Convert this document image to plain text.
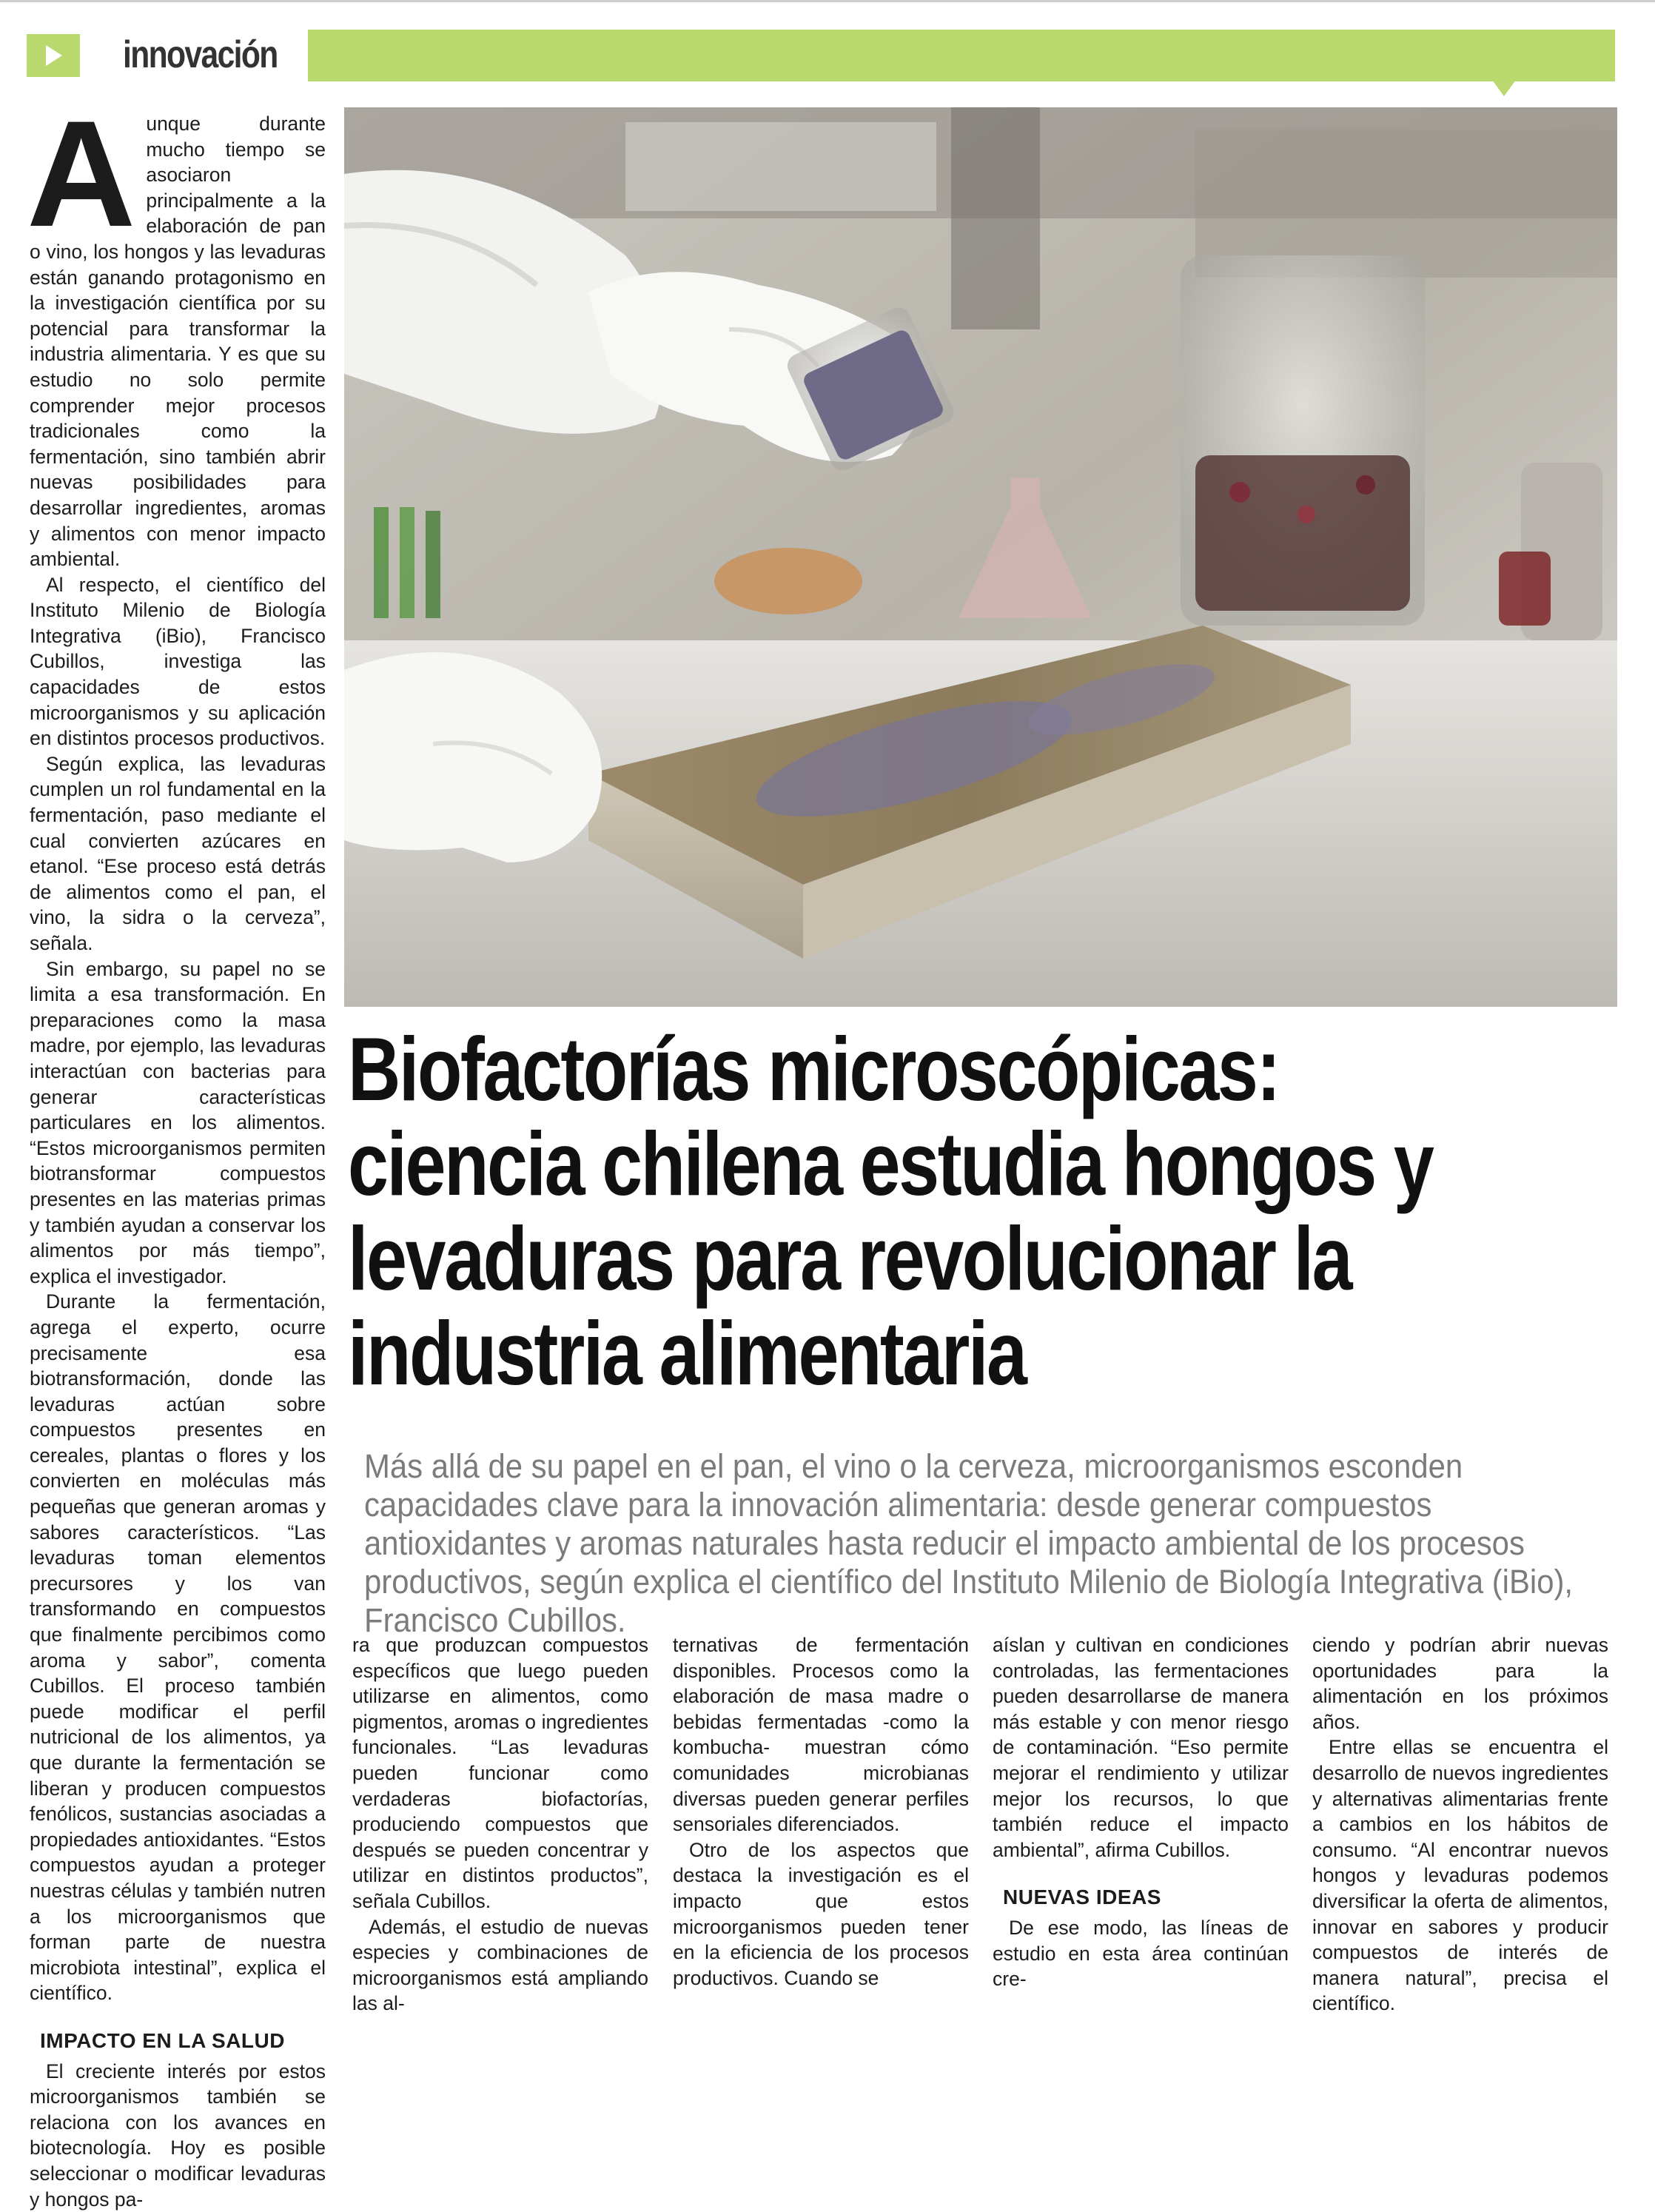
innovación

Aunque durante mucho tiempo se asociaron principalmente a la elaboración de pan o vino, los hongos y las levaduras están ganando protagonismo en la investigación científica por su potencial para transformar la industria alimentaria. Y es que su estudio no solo permite comprender mejor procesos tradicionales como la fermentación, sino también abrir nuevas posibilidades para desarrollar ingredientes, aromas y alimentos con menor impacto ambiental.

Al respecto, el científico del Instituto Milenio de Biología Integrativa (iBio), Francisco Cubillos, investiga las capacidades de estos microorganismos y su aplicación en distintos procesos productivos.

Según explica, las levaduras cumplen un rol fundamental en la fermentación, paso mediante el cual convierten azúcares en etanol. “Ese proceso está detrás de alimentos como el pan, el vino, la sidra o la cerveza”, señala.

Sin embargo, su papel no se limita a esa transformación. En preparaciones como la masa madre, por ejemplo, las levaduras interactúan con bacterias para generar características particulares en los alimentos. “Estos microorganismos permiten biotransformar compuestos presentes en las materias primas y también ayudan a conservar los alimentos por más tiempo”, explica el investigador.

Durante la fermentación, agrega el experto, ocurre precisamente esa biotransformación, donde las levaduras actúan sobre compuestos presentes en cereales, plantas o flores y los convierten en moléculas más pequeñas que generan aromas y sabores característicos. “Las levaduras toman elementos precursores y los van transformando en compuestos que finalmente percibimos como aroma y sabor”, comenta Cubillos. El proceso también puede modificar el perfil nutricional de los alimentos, ya que durante la fermentación se liberan y producen compuestos fenólicos, sustancias asociadas a propiedades antioxidantes. “Estos compuestos ayudan a proteger nuestras células y también nutren a los microorganismos que forman parte de nuestra microbiota intestinal”, explica el científico.

IMPACTO EN LA SALUD

El creciente interés por estos microorganismos también se relaciona con los avances en biotecnología. Hoy es posible seleccionar o modificar levaduras y hongos pa-

Biofactorías microscópicas:
ciencia chilena estudia hongos y
levaduras para revolucionar la
industria alimentaria
Más allá de su papel en el pan, el vino o la cerveza, microorganismos esconden capacidades clave para la innovación alimentaria: desde generar compuestos antioxidantes y aromas naturales hasta reducir el impacto ambiental de los procesos productivos, según explica el científico del Instituto Milenio de Biología Integrativa (iBio), Francisco Cubillos.

ra que produzcan compuestos específicos que luego pueden utilizarse en alimentos, como pigmentos, aromas o ingredientes funcionales. “Las levaduras pueden funcionar como verdaderas biofactorías, produciendo compuestos que después se pueden concentrar y utilizar en distintos productos”, señala Cubillos.

Además, el estudio de nuevas especies y combinaciones de microorganismos está ampliando las al-

ternativas de fermentación disponibles. Procesos como la elaboración de masa madre o bebidas fermentadas -como la kombucha- muestran cómo comunidades microbianas diversas pueden generar perfiles sensoriales diferenciados.

Otro de los aspectos que destaca la investigación es el impacto que estos microorganismos pueden tener en la eficiencia de los procesos productivos. Cuando se

aíslan y cultivan en condiciones controladas, las fermentaciones pueden desarrollarse de manera más estable y con menor riesgo de contaminación. “Eso permite mejorar el rendimiento y utilizar mejor los recursos, lo que también reduce el impacto ambiental”, afirma Cubillos.

NUEVAS IDEAS

De ese modo, las líneas de estudio en esta área continúan cre-

ciendo y podrían abrir nuevas oportunidades para la alimentación en los próximos años.

Entre ellas se encuentra el desarrollo de nuevos ingredientes y alternativas alimentarias frente a cambios en los hábitos de consumo. “Al encontrar nuevos hongos y levaduras podemos diversificar la oferta de alimentos, innovar en sabores y producir compuestos de interés de manera natural”, precisa el científico.
